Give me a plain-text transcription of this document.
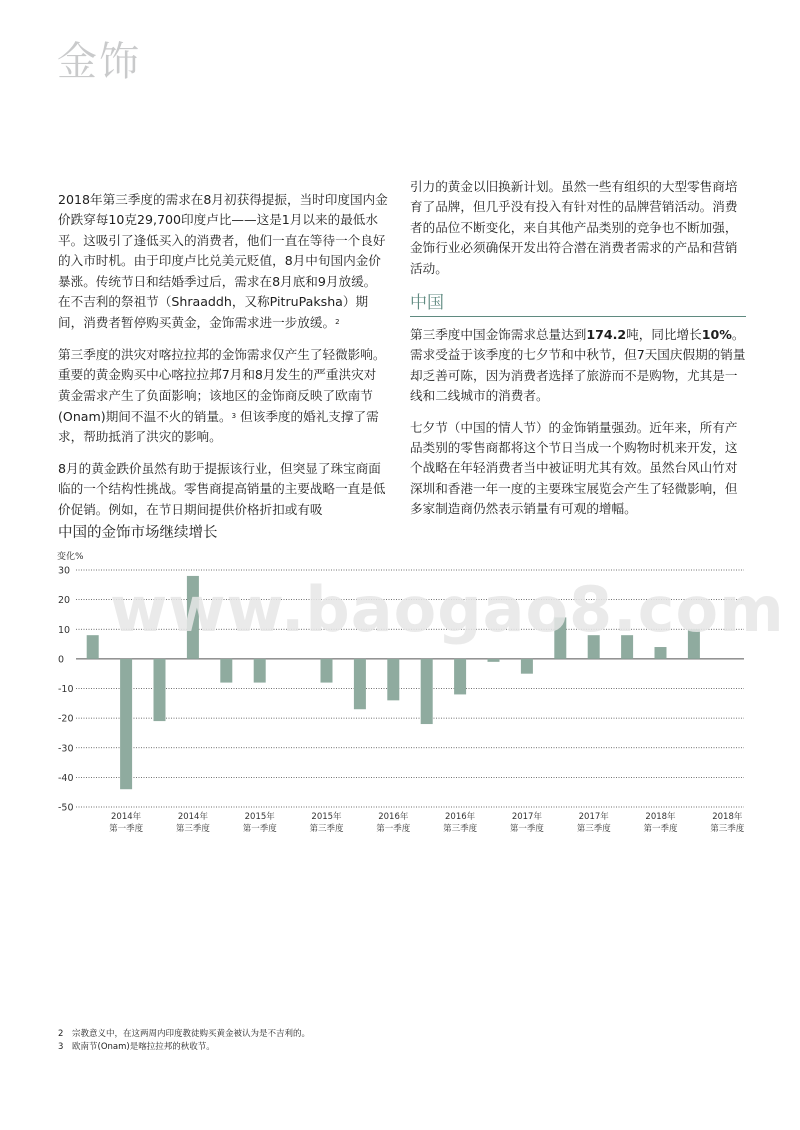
金饰

2018年第三季度的需求在8月初获得提振，当时印度国内金价跌穿每10克29,700印度卢比——这是1月以来的最低水平。这吸引了逢低买入的消费者，他们一直在等待一个良好的入市时机。由于印度卢比兑美元贬值，8月中旬国内金价暴涨。传统节日和结婚季过后，需求在8月底和9月放缓。在不吉利的祭祖节（Shraaddh，又称PitruPaksha）期间，消费者暂停购买黄金，金饰需求进一步放缓。$^2$

第三季度的洪灾对喀拉拉邦的金饰需求仅产生了轻微影响。重要的黄金购买中心喀拉拉邦7月和8月发生的严重洪灾对黄金需求产生了负面影响；该地区的金饰商反映了欧南节(Onam)期间不温不火的销量。$^3$ 但该季度的婚礼支撑了需求，帮助抵消了洪灾的影响。

8月的黄金跌价虽然有助于提振该行业，但突显了珠宝商面临的一个结构性挑战。零售商提高销量的主要战略一直是低价促销。例如，在节日期间提供价格折扣或有吸

引力的黄金以旧换新计划。虽然一些有组织的大型零售商培育了品牌，但几乎没有投入有针对性的品牌营销活动。消费者的品位不断变化，来自其他产品类别的竞争也不断加强，金饰行业必须确保开发出符合潜在消费者需求的产品和营销活动。

中国

第三季度中国金饰需求总量达到174.2吨，同比增长10%。需求受益于该季度的七夕节和中秋节，但7天国庆假期的销量却乏善可陈，因为消费者选择了旅游而不是购物，尤其是一线和二线城市的消费者。

七夕节（中国的情人节）的金饰销量强劲。近年来，所有产品类别的零售商都将这个节日当成一个购物时机来开发，这个战略在年轻消费者当中被证明尤其有效。虽然台风山竹对深圳和香港一年一度的主要珠宝展览会产生了轻微影响，但多家制造商仍然表示销量有可观的增幅。

中国的金饰市场继续增长
变化%
30
20
10
0
-10
-20
-30
-40
-50
2014年
第一季度
2014年
第三季度
2015年
第一季度
2015年
第三季度
2016年
第一季度
2016年
第三季度
2017年
第一季度
2017年
第三季度
2018年
第一季度
2018年
第三季度
www.baogao8.com
2 宗教意义中，在这两周内印度教徒购买黄金被认为是不吉利的。
3 欧南节(Onam)是喀拉拉邦的秋收节。
